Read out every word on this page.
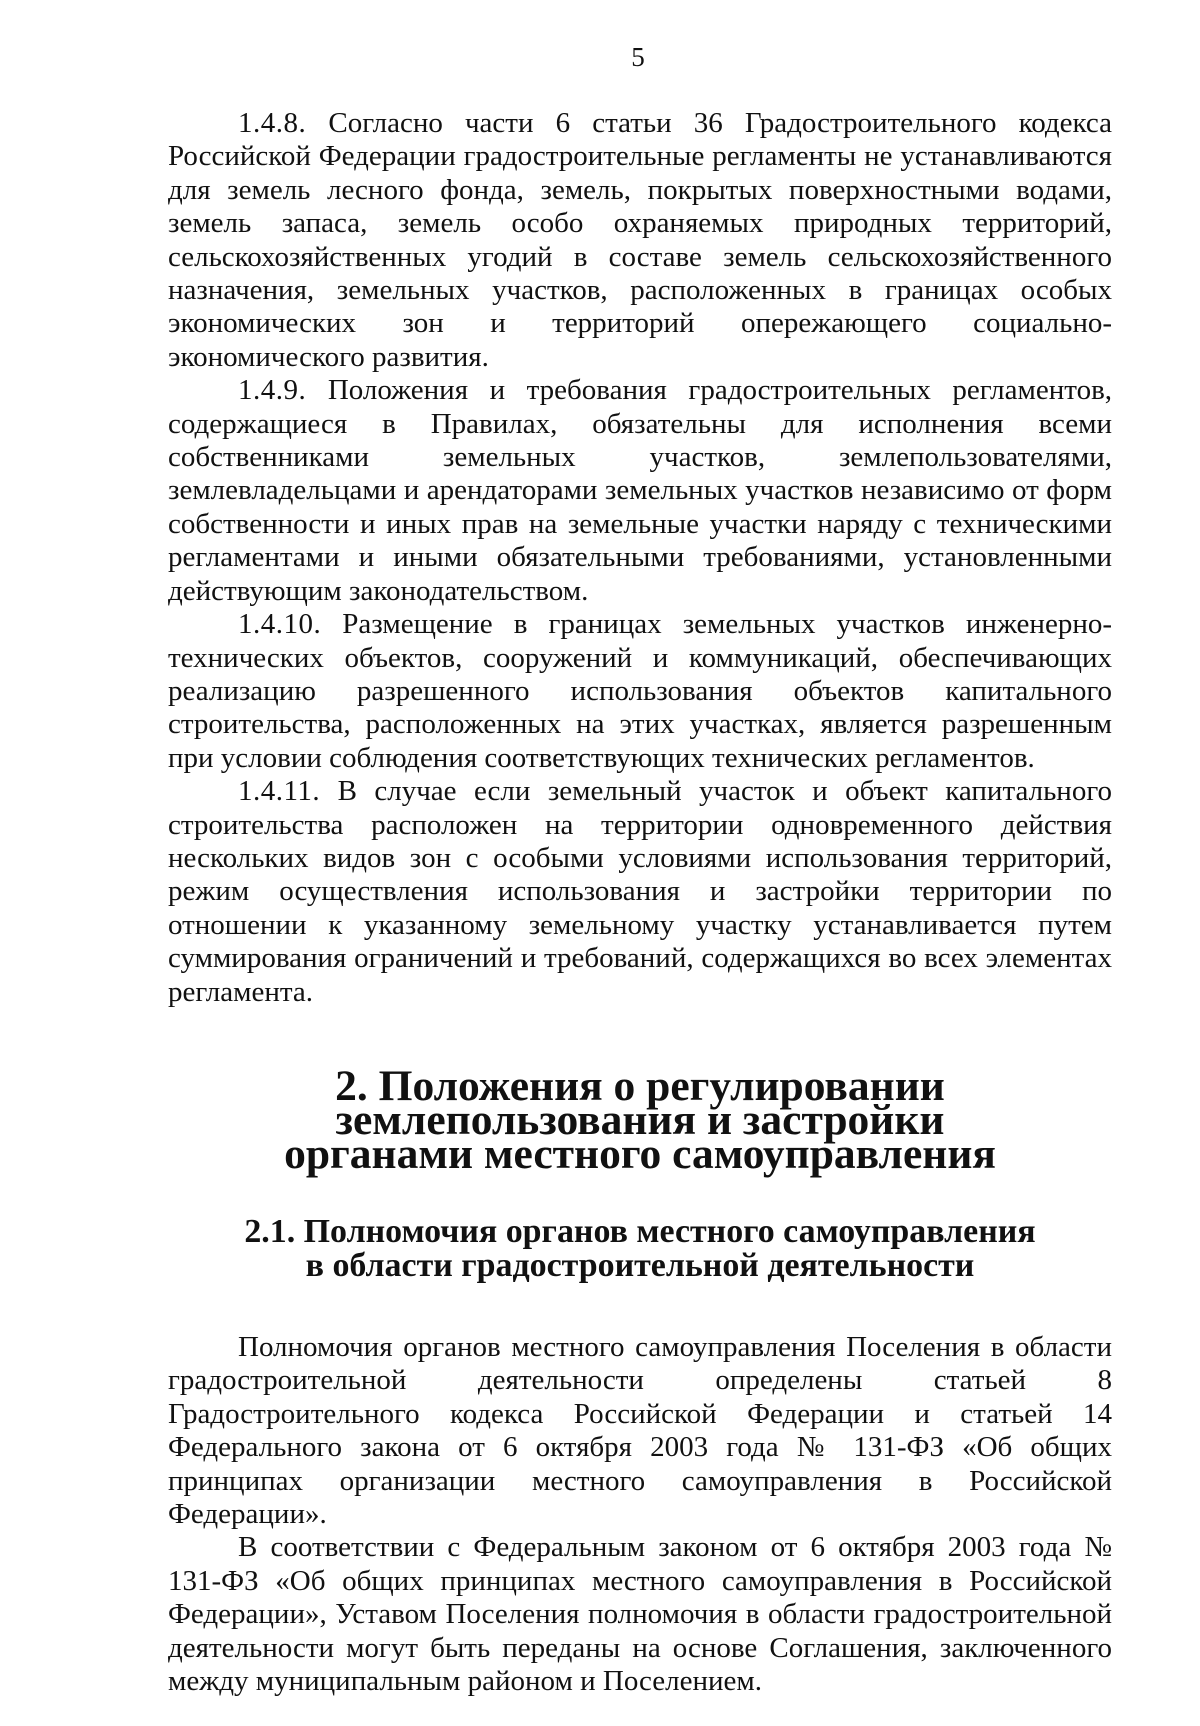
5

1.4.8. Согласно части 6 статьи 36 Градостроительного кодекса Российской Федерации градостроительные регламенты не устанавливаются для земель лесного фонда, земель, покрытых поверхностными водами, земель запаса, земель особо охраняемых природных территорий, сельскохозяйственных угодий в составе земель сельскохозяйственного назначения, земельных участков, расположенных в границах особых экономических зон и территорий опережающего социально-экономического развития.

1.4.9. Положения и требования градостроительных регламентов, содержащиеся в Правилах, обязательны для исполнения всеми собственниками земельных участков, землепользователями, землевладельцами и арендаторами земельных участков независимо от форм собственности и иных прав на земельные участки наряду с техническими регламентами и иными обязательными требованиями, установленными действующим законодательством.

1.4.10. Размещение в границах земельных участков инженерно-технических объектов, сооружений и коммуникаций, обеспечивающих реализацию разрешенного использования объектов капитального строительства, расположенных на этих участках, является разрешенным при условии соблюдения соответствующих технических регламентов.

1.4.11. В случае если земельный участок и объект капитального строительства расположен на территории одновременного действия нескольких видов зон с особыми условиями использования территорий, режим осуществления использования и застройки территории по отношении к указанному земельному участку устанавливается путем суммирования ограничений и требований, содержащихся во всех элементах регламента.

2. Положения о регулировании землепользования и застройки
органами местного самоуправления
2.1. Полномочия органов местного самоуправления
в области градостроительной деятельности

Полномочия органов местного самоуправления Поселения в области градостроительной деятельности определены статьей 8 Градостроительного кодекса Российской Федерации и статьей 14 Федерального закона от 6 октября 2003 года № 131-ФЗ «Об общих принципах организации местного самоуправления в Российской Федерации».

В соответствии с Федеральным законом от 6 октября 2003 года № 131-ФЗ «Об общих принципах местного самоуправления в Российской Федерации», Уставом Поселения полномочия в области градостроительной деятельности могут быть переданы на основе Соглашения, заключенного между муниципальным районом и Поселением.
